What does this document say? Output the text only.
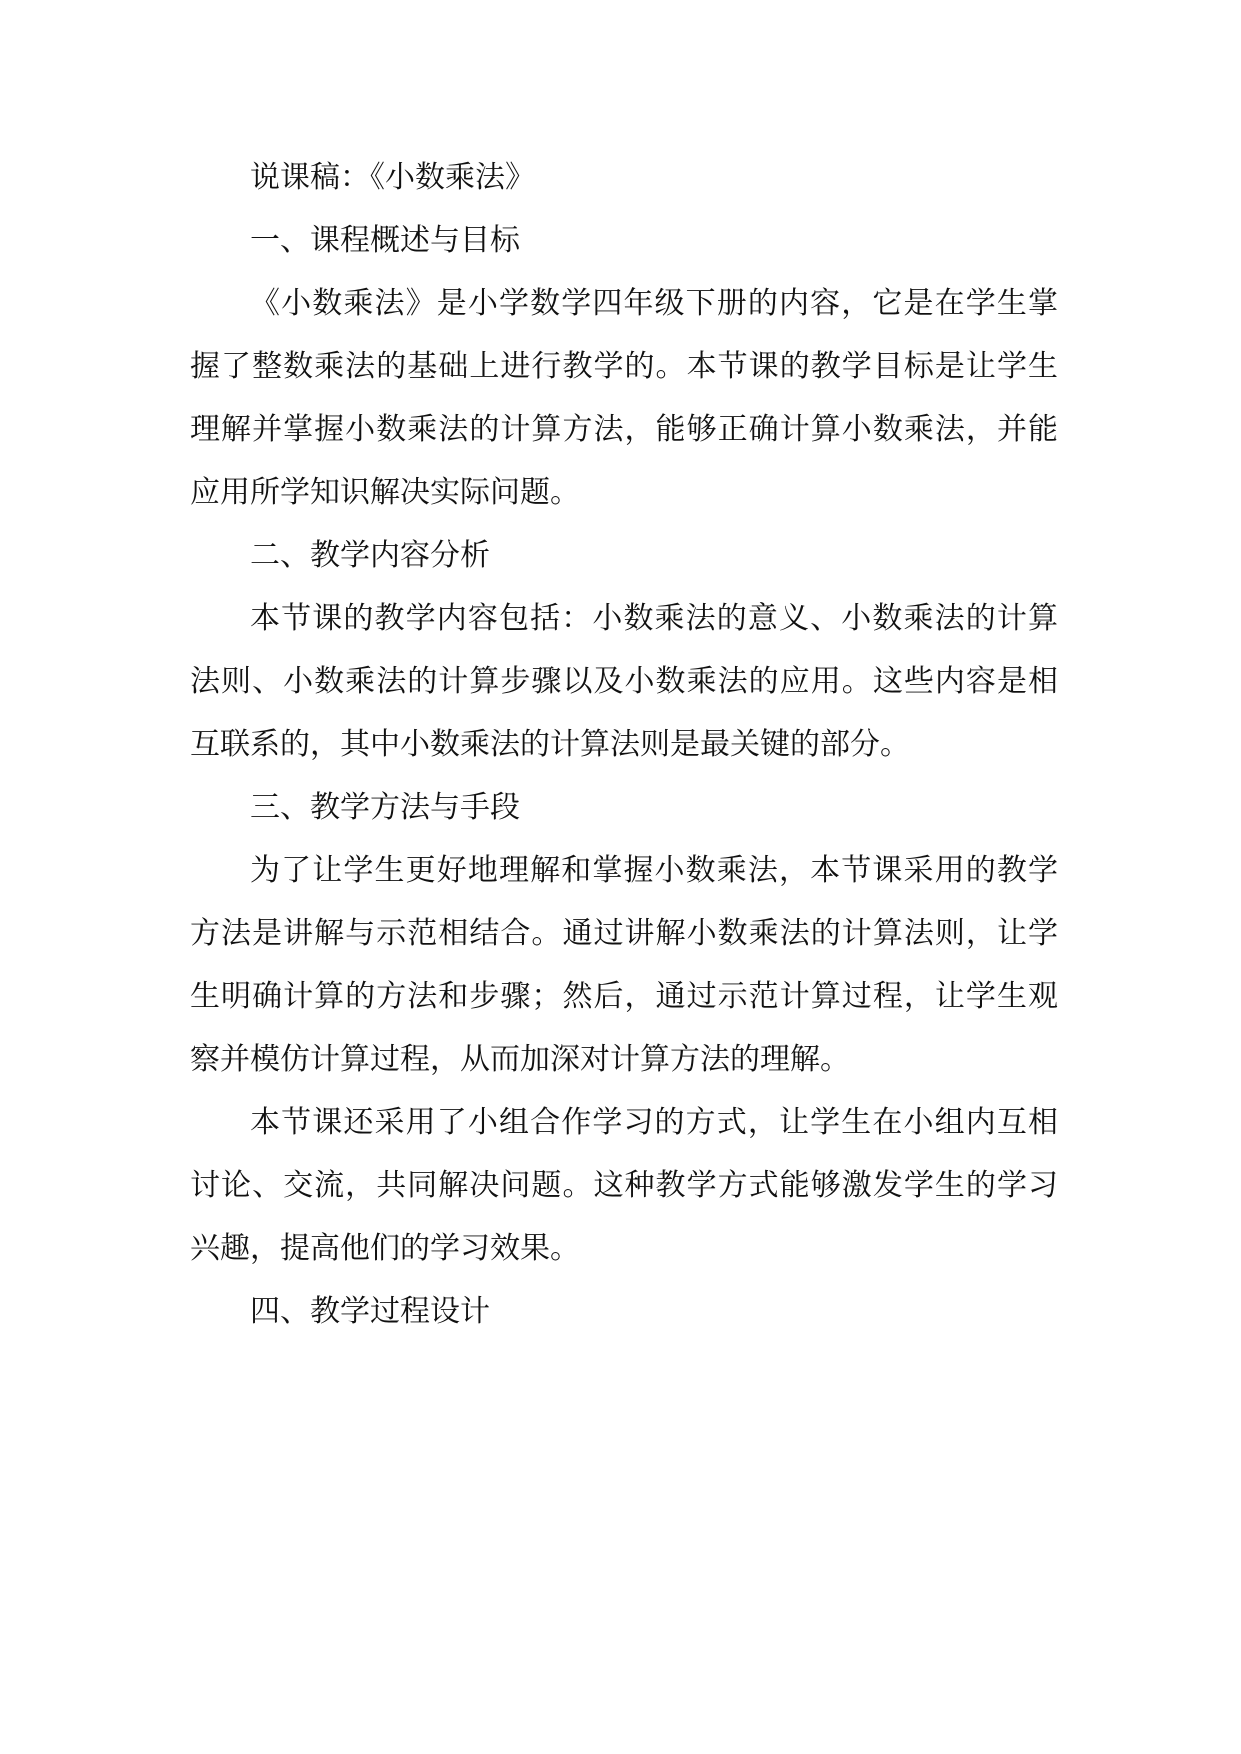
说课稿：《小数乘法》

一、课程概述与目标

《小数乘法》是小学数学四年级下册的内容，它是在学生掌握了整数乘法的基础上进行教学的。本节课的教学目标是让学生理解并掌握小数乘法的计算方法，能够正确计算小数乘法，并能应用所学知识解决实际问题。

二、教学内容分析

本节课的教学内容包括：小数乘法的意义、小数乘法的计算法则、小数乘法的计算步骤以及小数乘法的应用。这些内容是相互联系的，其中小数乘法的计算法则是最关键的部分。

三、教学方法与手段

为了让学生更好地理解和掌握小数乘法，本节课采用的教学方法是讲解与示范相结合。通过讲解小数乘法的计算法则，让学生明确计算的方法和步骤；然后，通过示范计算过程，让学生观察并模仿计算过程，从而加深对计算方法的理解。

本节课还采用了小组合作学习的方式，让学生在小组内互相讨论、交流，共同解决问题。这种教学方式能够激发学生的学习兴趣，提高他们的学习效果。

四、教学过程设计
